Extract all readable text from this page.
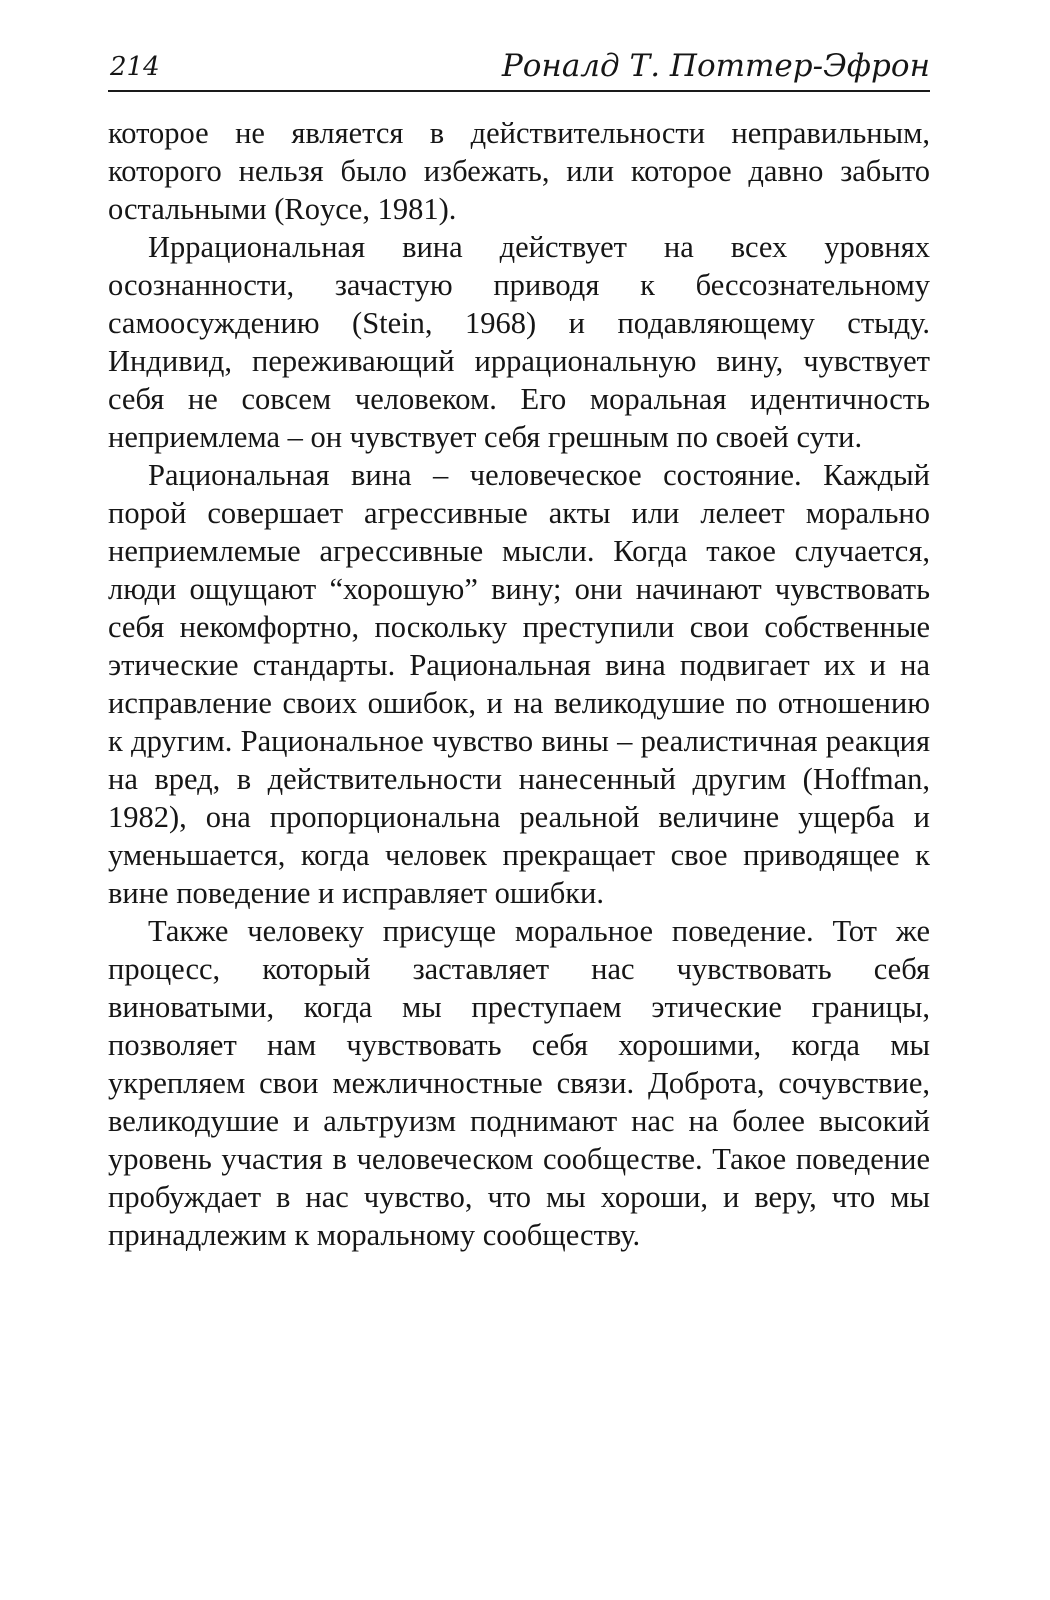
214	Роналд Т. Поттер-Эфрон

которое не является в действительности неправильным, которого нельзя было избежать, или которое давно забыто остальными (Royce, 1981).

Иррациональная вина действует на всех уровнях осознанности, зачастую приводя к бессознательному самоосуждению (Stein, 1968) и подавляющему стыду. Индивид, переживающий иррациональную вину, чувствует себя не совсем человеком. Его моральная идентичность неприемлема – он чувствует себя грешным по своей сути.

Рациональная вина – человеческое состояние. Каждый порой совершает агрессивные акты или лелеет морально неприемлемые агрессивные мысли. Когда такое случается, люди ощущают “хорошую” вину; они начинают чувствовать себя некомфортно, поскольку преступили свои собственные этические стандарты. Рациональная вина подвигает их и на исправление своих ошибок, и на великодушие по отношению к другим. Рациональное чувство вины – реалистичная реакция на вред, в действительности нанесенный другим (Hoffman, 1982), она пропорциональна реальной величине ущерба и уменьшается, когда человек прекращает свое приводящее к вине поведение и исправляет ошибки.

Также человеку присуще моральное поведение. Тот же процесс, который заставляет нас чувствовать себя виноватыми, когда мы преступаем этические границы, позволяет нам чувствовать себя хорошими, когда мы укрепляем свои межличностные связи. Доброта, сочувствие, великодушие и альтруизм поднимают нас на более высокий уровень участия в человеческом сообществе. Такое поведение пробуждает в нас чувство, что мы хороши, и веру, что мы принадлежим к моральному сообществу.
